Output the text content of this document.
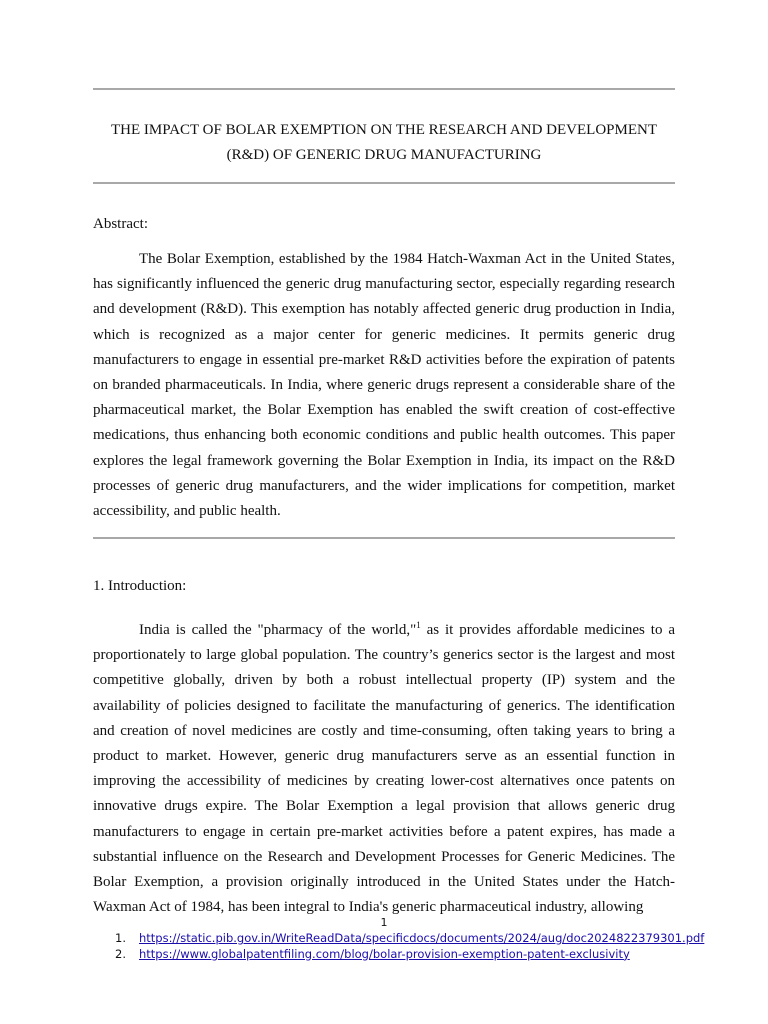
THE IMPACT OF BOLAR EXEMPTION ON THE RESEARCH AND DEVELOPMENT (R&D) OF GENERIC DRUG MANUFACTURING
Abstract:

The Bolar Exemption, established by the 1984 Hatch-Waxman Act in the United States, has significantly influenced the generic drug manufacturing sector, especially regarding research and development (R&D). This exemption has notably affected generic drug production in India, which is recognized as a major center for generic medicines. It permits generic drug manufacturers to engage in essential pre-market R&D activities before the expiration of patents on branded pharmaceuticals. In India, where generic drugs represent a considerable share of the pharmaceutical market, the Bolar Exemption has enabled the swift creation of cost-effective medications, thus enhancing both economic conditions and public health outcomes. This paper explores the legal framework governing the Bolar Exemption in India, its impact on the R&D processes of generic drug manufacturers, and the wider implications for competition, market accessibility, and public health.

1. Introduction:

India is called the "pharmacy of the world,"$^1$ as it provides affordable medicines to a proportionately to large global population. The country’s generics sector is the largest and most competitive globally, driven by both a robust intellectual property (IP) system and the availability of policies designed to facilitate the manufacturing of generics. The identification and creation of novel medicines are costly and time-consuming, often taking years to bring a product to market. However, generic drug manufacturers serve as an essential function in improving the accessibility of medicines by creating lower-cost alternatives once patents on innovative drugs expire. The Bolar Exemption a legal provision that allows generic drug manufacturers to engage in certain pre-market activities before a patent expires, has made a substantial influence on the Research and Development Processes for Generic Medicines. The Bolar Exemption, a provision originally introduced in the United States under the Hatch-Waxman Act of 1984, has been integral to India's generic pharmaceutical industry, allowing

1
1. https://static.pib.gov.in/WriteReadData/specificdocs/documents/2024/aug/doc2024822379301.pdf
2. https://www.globalpatentfiling.com/blog/bolar-provision-exemption-patent-exclusivity
